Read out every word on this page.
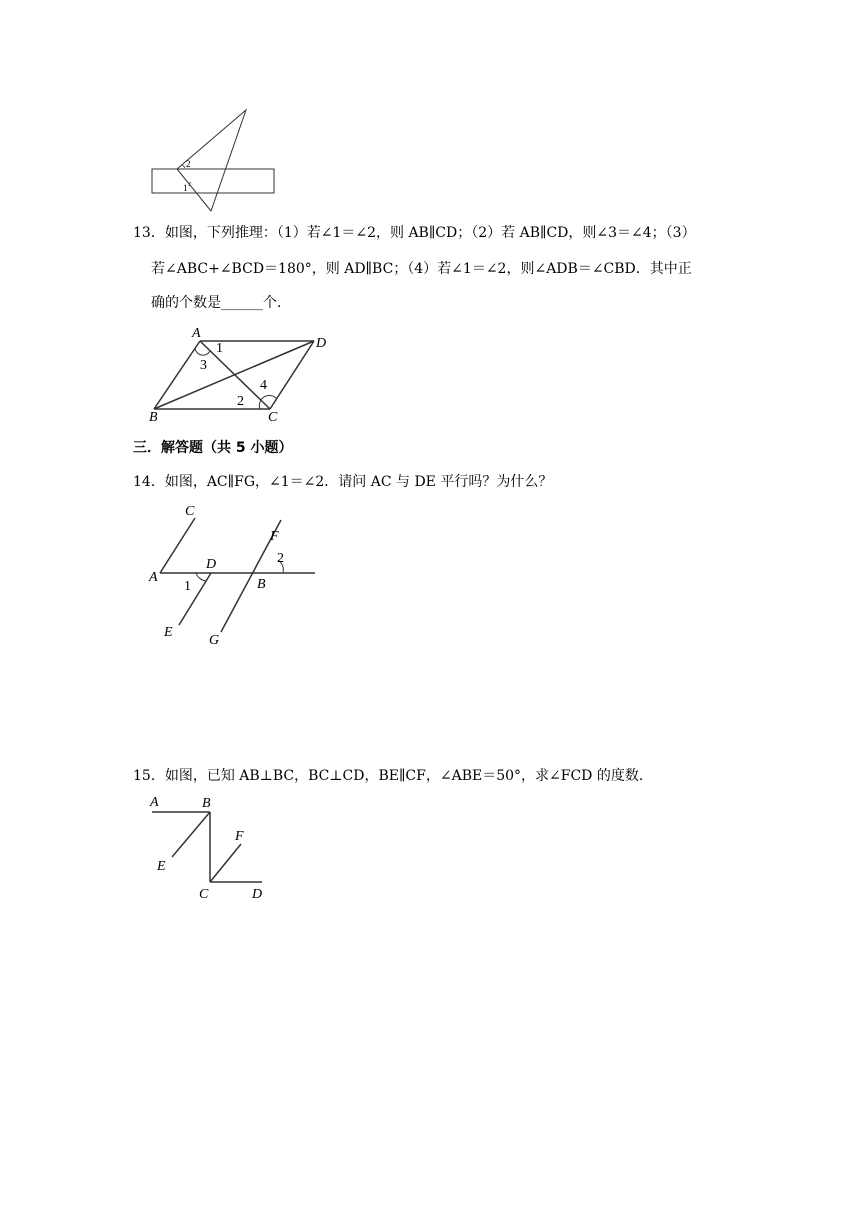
2
1
13．如图，下列推理：（1）若∠1＝∠2，则 AB∥CD；（2）若 AB∥CD，则∠3＝∠4；（3）
若∠ABC+∠BCD＝180°，则 AD∥BC；（4）若∠1＝∠2，则∠ADB＝∠CBD．其中正
确的个数是______个．
A
D
B	C
1
3
4
2
三．解答题（共 5 小题）
14．如图，AC∥FG，∠1＝∠2．请问 AC 与 DE 平行吗？为什么？
C
A
D
1
E
F
2
B
G
15．如图，已知 AB⊥BC，BC⊥CD，BE∥CF，∠ABE＝50°，求∠FCD 的度数．
A	B
F
E
C	D
